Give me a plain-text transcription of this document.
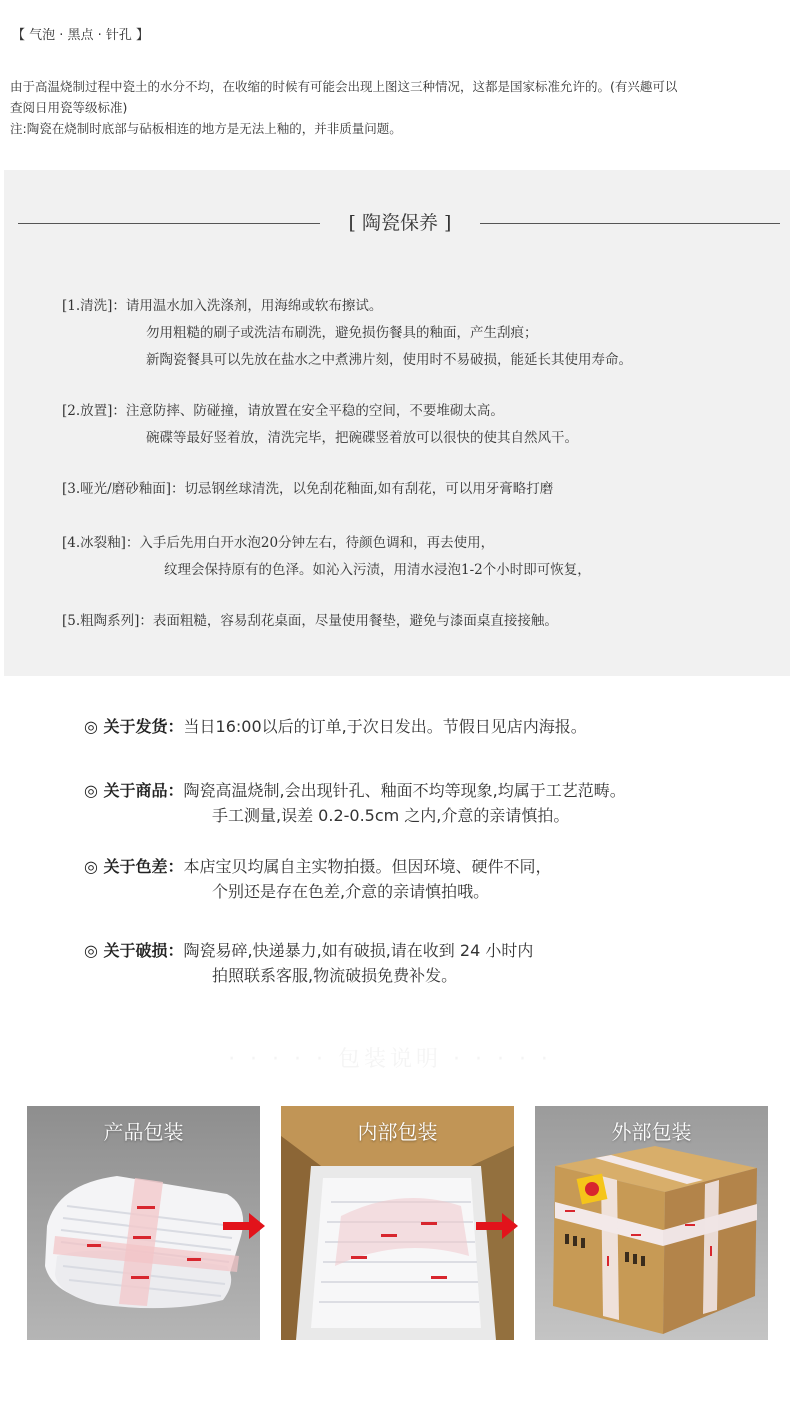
【 气泡 · 黑点 · 针孔 】

由于高温烧制过程中瓷土的水分不均，在收缩的时候有可能会出现上图这三种情况，这都是国家标准允许的。(有兴趣可以

查阅日用瓷等级标准)

注:陶瓷在烧制时底部与砧板相连的地方是无法上釉的，并非质量问题。

[ 陶瓷保养 ]
[1.清洗]：请用温水加入洗涤剂，用海绵或软布擦试。
勿用粗糙的刷子或洗洁布刷洗，避免损伤餐具的釉面，产生刮痕；
新陶瓷餐具可以先放在盐水之中煮沸片刻，使用时不易破损，能延长其使用寿命。
[2.放置]：注意防摔、防碰撞，请放置在安全平稳的空间，不要堆砌太高。
碗碟等最好竖着放，清洗完毕，把碗碟竖着放可以很快的使其自然风干。
[3.哑光/磨砂釉面]：切忌钢丝球清洗，以免刮花釉面,如有刮花，可以用牙膏略打磨
[4.冰裂釉]：入手后先用白开水泡20分钟左右，待颜色调和，再去使用，
纹理会保持原有的色泽。如沁入污渍，用清水浸泡1-2个小时即可恢复，
[5.粗陶系列]：表面粗糙，容易刮花桌面，尽量使用餐垫，避免与漆面桌直接接触。
◎ 关于发货： 当日16:00以后的订单,于次日发出。节假日见店内海报。
◎ 关于商品： 陶瓷高温烧制,会出现针孔、釉面不均等现象,均属于工艺范畴。
手工测量,误差 0.2-0.5cm 之内,介意的亲请慎拍。
◎ 关于色差： 本店宝贝均属自主实物拍摄。但因环境、硬件不同，
个别还是存在色差,介意的亲请慎拍哦。
◎ 关于破损： 陶瓷易碎,快递暴力,如有破损,请在收到 24 小时内
拍照联系客服,物流破损免费补发。
· · · · · 包装说明 · · · · ·
产品包装	内部包装	外部包装
